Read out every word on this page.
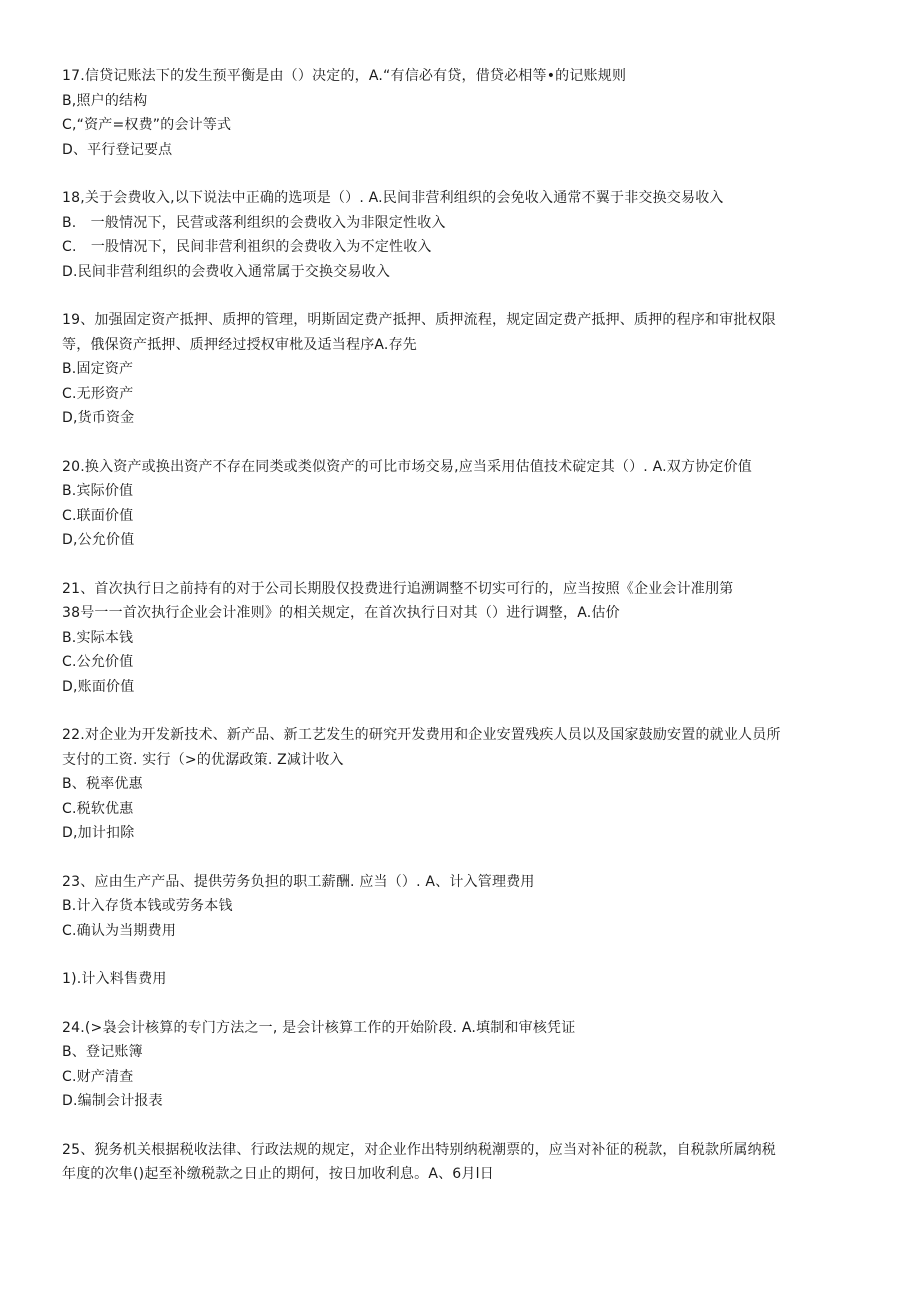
17.信贷记账法下的发生预平衡是由（）决定的，A.“有信必有贷，借贷必相等•的记账规则
B,照户的结构
C,“资产=权费”的会计等式
D、平行登记要点
18,关于会费收入,以下说法中正确的选项是（）. A.民间非营利组织的会免收入通常不翼于非交换交易收入
B.　一般情况下，民营或落利组织的会费收入为非限定性收入
C.　一股情况下，民间非营利祖织的会费收入为不定性收入
D.民间非营利组织的会费收入通常属于交换交易收入
19、加强固定资产抵押、质押的管理，明斯固定费产抵押、质押流程，规定固定费产抵押、质押的程序和审批权限
等，俄保资产抵押、质押经过授权审枇及适当程序A.存先
B.固定资产
C.无形资产
D,货币资金
20.换入资产或换出资产不存在同类或类似资产的可比市场交易,应当采用估值技术碇定其（）. A.双方协定价值
B.宾际价值
C.联面价值
D,公允价值
21、首次执行日之前持有的对于公司长期股仅投费进行追溯调整不切实可行的，应当按照《企业会计准刖第
38号一一首次执行企业会计准则》的相关规定，在首次执行日对其（）进行调整，A.估价
B.实际本钱
C.公允价值
D,账面价值
22.对企业为开发新技术、新产品、新工艺发生的研究开发费用和企业安置残疾人员以及国家鼓励安置的就业人员所
支付的工资. 实行（>的优潺政策. Z减计收入
B、税率优惠
C.税软优惠
D,加计扣除
23、应由生产产品、提供劳务负担的职工薪酬. 应当（）. A、计入管理费用
B.计入存货本钱或劳务本钱
C.确认为当期费用
1).计入料售费用
24.(>袅会计核算的专门方法之一, 是会计核算工作的开始阶段. A.填制和审核凭证
B、登记账簿
C.财产清查
D.编制会计报表
25、猊务机关根据税收法律、行政法规的规定，对企业作出特别纳税潮票的，应当对补征的税款，自税款所属纳税
年度的次隼()起至补缴税款之日止的期何，按日加收利息。A、6月l日
